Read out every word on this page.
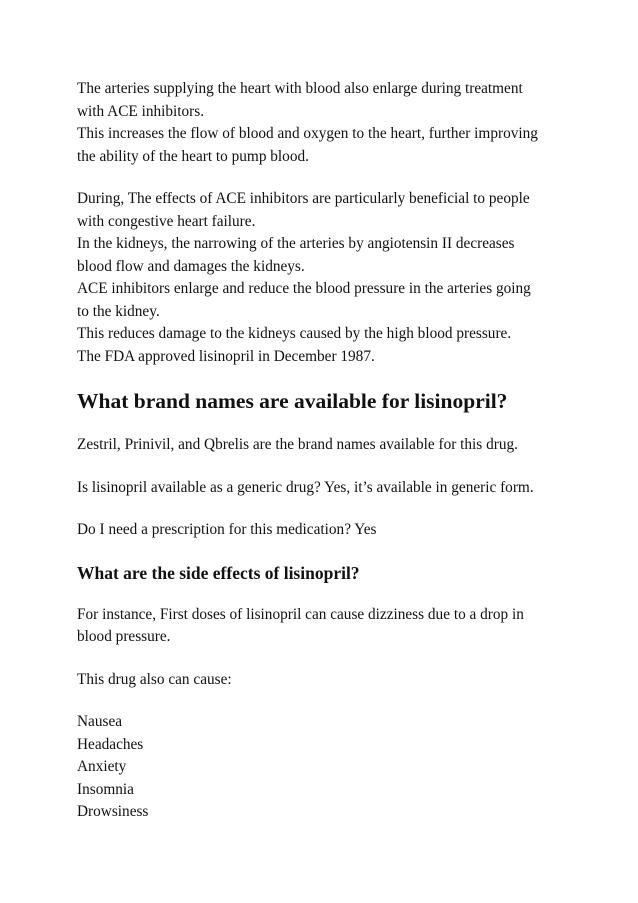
The arteries supplying the heart with blood also enlarge during treatment
with ACE inhibitors.
This increases the flow of blood and oxygen to the heart, further improving
the ability of the heart to pump blood.

During, The effects of ACE inhibitors are particularly beneficial to people
with congestive heart failure.
In the kidneys, the narrowing of the arteries by angiotensin II decreases
blood flow and damages the kidneys.
ACE inhibitors enlarge and reduce the blood pressure in the arteries going
to the kidney.
This reduces damage to the kidneys caused by the high blood pressure.
The FDA approved lisinopril in December 1987.

What brand names are available for lisinopril?

Zestril, Prinivil, and Qbrelis are the brand names available for this drug.

Is lisinopril available as a generic drug? Yes, it’s available in generic form.

Do I need a prescription for this medication? Yes

What are the side effects of lisinopril?

For instance, First doses of lisinopril can cause dizziness due to a drop in
blood pressure.

This drug also can cause:

Nausea
Headaches
Anxiety
Insomnia
Drowsiness
